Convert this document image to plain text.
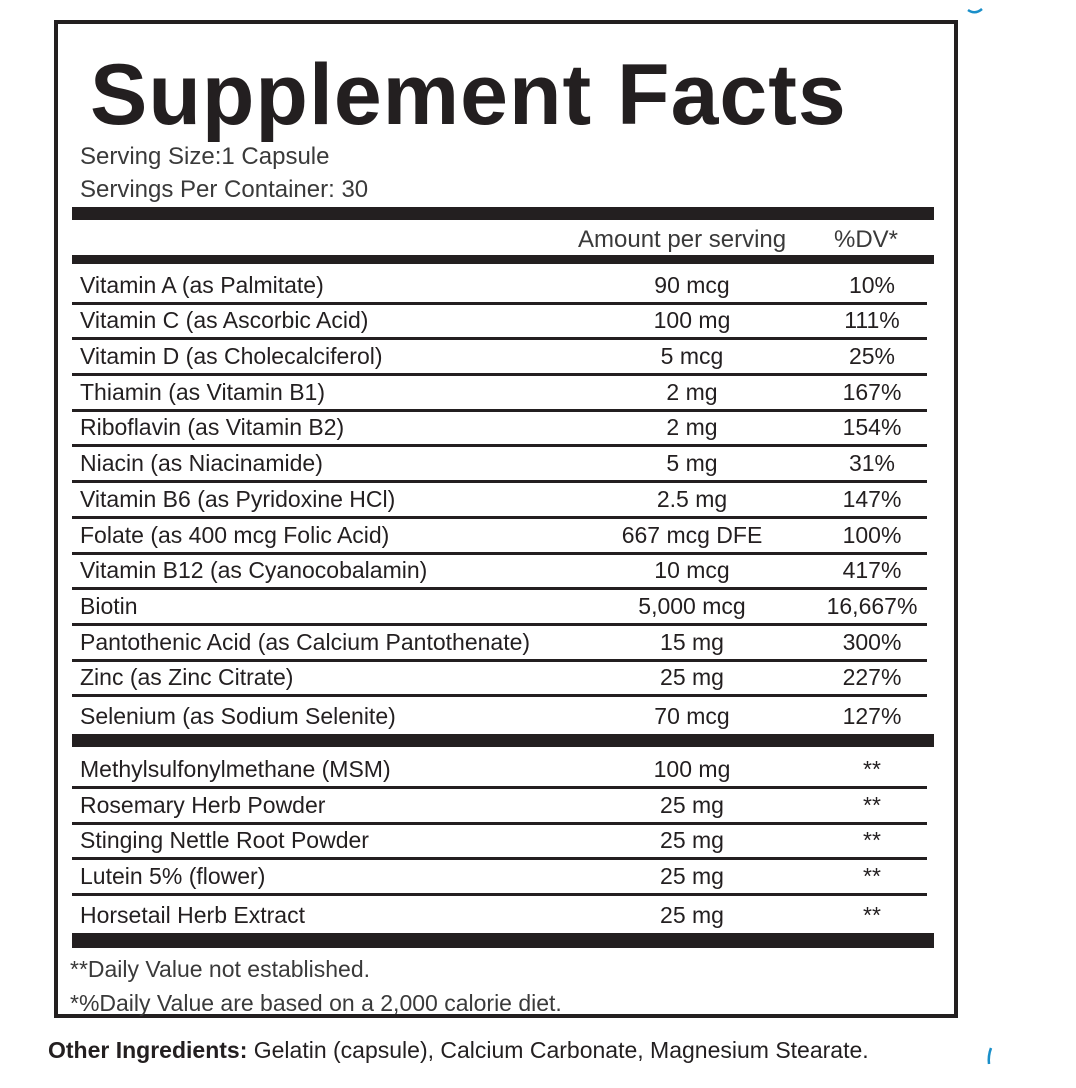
Supplement Facts
Serving Size:1 Capsule
Servings Per Container: 30
Amount per serving %DV*
Vitamin A (as Palmitate)	90 mcg	10%
Vitamin C (as Ascorbic Acid)	100 mg	111%
Vitamin D (as Cholecalciferol)	5 mcg	25%
Thiamin (as Vitamin B1)	2 mg	167%
Riboflavin (as Vitamin B2)	2 mg	154%
Niacin (as Niacinamide)	5 mg	31%
Vitamin B6 (as Pyridoxine HCl)	2.5 mg	147%
Folate (as 400 mcg Folic Acid)	667 mcg DFE	100%
Vitamin B12 (as Cyanocobalamin)	10 mcg	417%
Biotin	5,000 mcg	16,667%
Pantothenic Acid (as Calcium Pantothenate)	15 mg	300%
Zinc (as Zinc Citrate)	25 mg	227%
Selenium (as Sodium Selenite)	70 mcg	127%
Methylsulfonylmethane (MSM)	100 mg	**
Rosemary Herb Powder	25 mg	**
Stinging Nettle Root Powder	25 mg	**
Lutein 5% (flower)	25 mg	**
Horsetail Herb Extract	25 mg	**
**Daily Value not established.
*%Daily Value are based on a 2,000 calorie diet.
Other Ingredients: Gelatin (capsule), Calcium Carbonate, Magnesium Stearate.
